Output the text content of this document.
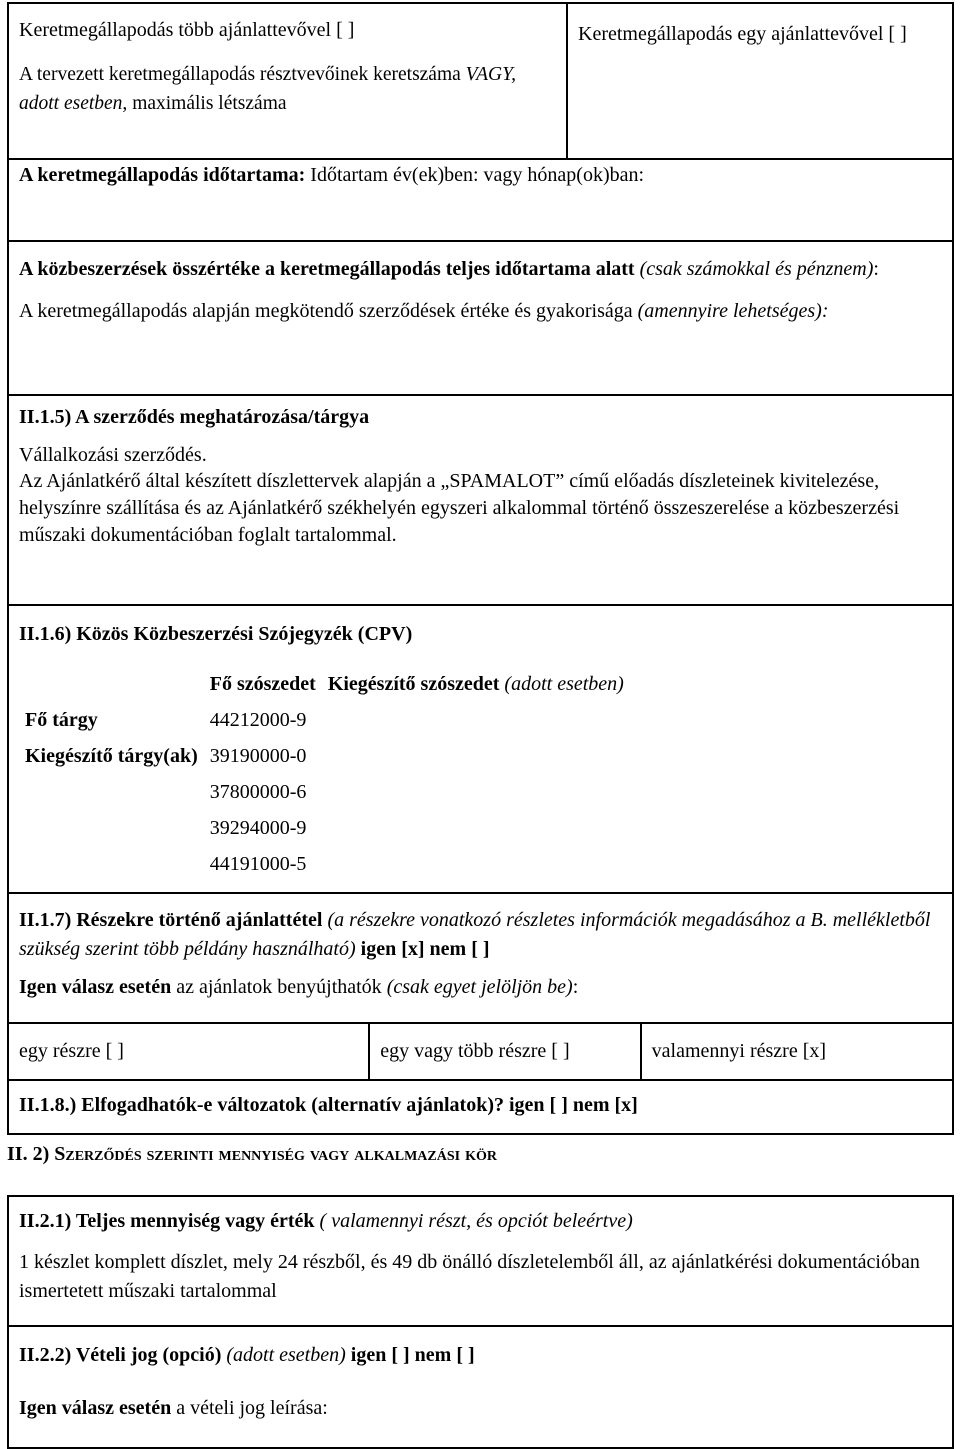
Keretmegállapodás több ajánlattevővel [ ]

A tervezett keretmegállapodás résztvevőinek keretszáma VAGY, adott esetben, maximális létszáma

Keretmegállapodás egy ajánlattevővel [ ]

A keretmegállapodás időtartama: Időtartam év(ek)ben: vagy hónap(ok)ban:

A közbeszerzések összértéke a keretmegállapodás teljes időtartama alatt (csak számokkal és pénznem):

A keretmegállapodás alapján megkötendő szerződések értéke és gyakorisága (amennyire lehetséges):

II.1.5) A szerződés meghatározása/tárgya

Vállalkozási szerződés.

Az Ajánlatkérő által készített díszlettervek alapján a „SPAMALOT” című előadás díszleteinek kivitelezése, helyszínre szállítása és az Ajánlatkérő székhelyén egyszeri alkalommal történő összeszerelése a közbeszerzési műszaki dokumentációban foglalt tartalommal.

II.1.6) Közös Közbeszerzési Szójegyzék (CPV)

	Fő szószedet	Kiegészítő szószedet (adott esetben)
Fő tárgy	44212000-9	
Kiegészítő tárgy(ak)	39190000-0	
	37800000-6	
	39294000-9	
	44191000-5	

II.1.7) Részekre történő ajánlattétel (a részekre vonatkozó részletes információk megadásához a B. mellékletből szükség szerint több példány használható) igen [x] nem [ ]

Igen válasz esetén az ajánlatok benyújthatók (csak egyet jelöljön be):

egy részre [ ]	egy vagy több részre [ ]	valamennyi részre [x]

II.1.8.) Elfogadhatók-e változatok (alternatív ajánlatok)? igen [ ] nem [x]

II. 2) Szerződés szerinti mennyiség vagy alkalmazási kör

II.2.1) Teljes mennyiség vagy érték ( valamennyi részt, és opciót beleértve)

1 készlet komplett díszlet, mely 24 részből, és 49 db önálló díszletelemből áll, az ajánlatkérési dokumentációban ismertetett műszaki tartalommal

II.2.2) Vételi jog (opció) (adott esetben) igen [ ] nem [ ]

Igen válasz esetén a vételi jog leírása:
